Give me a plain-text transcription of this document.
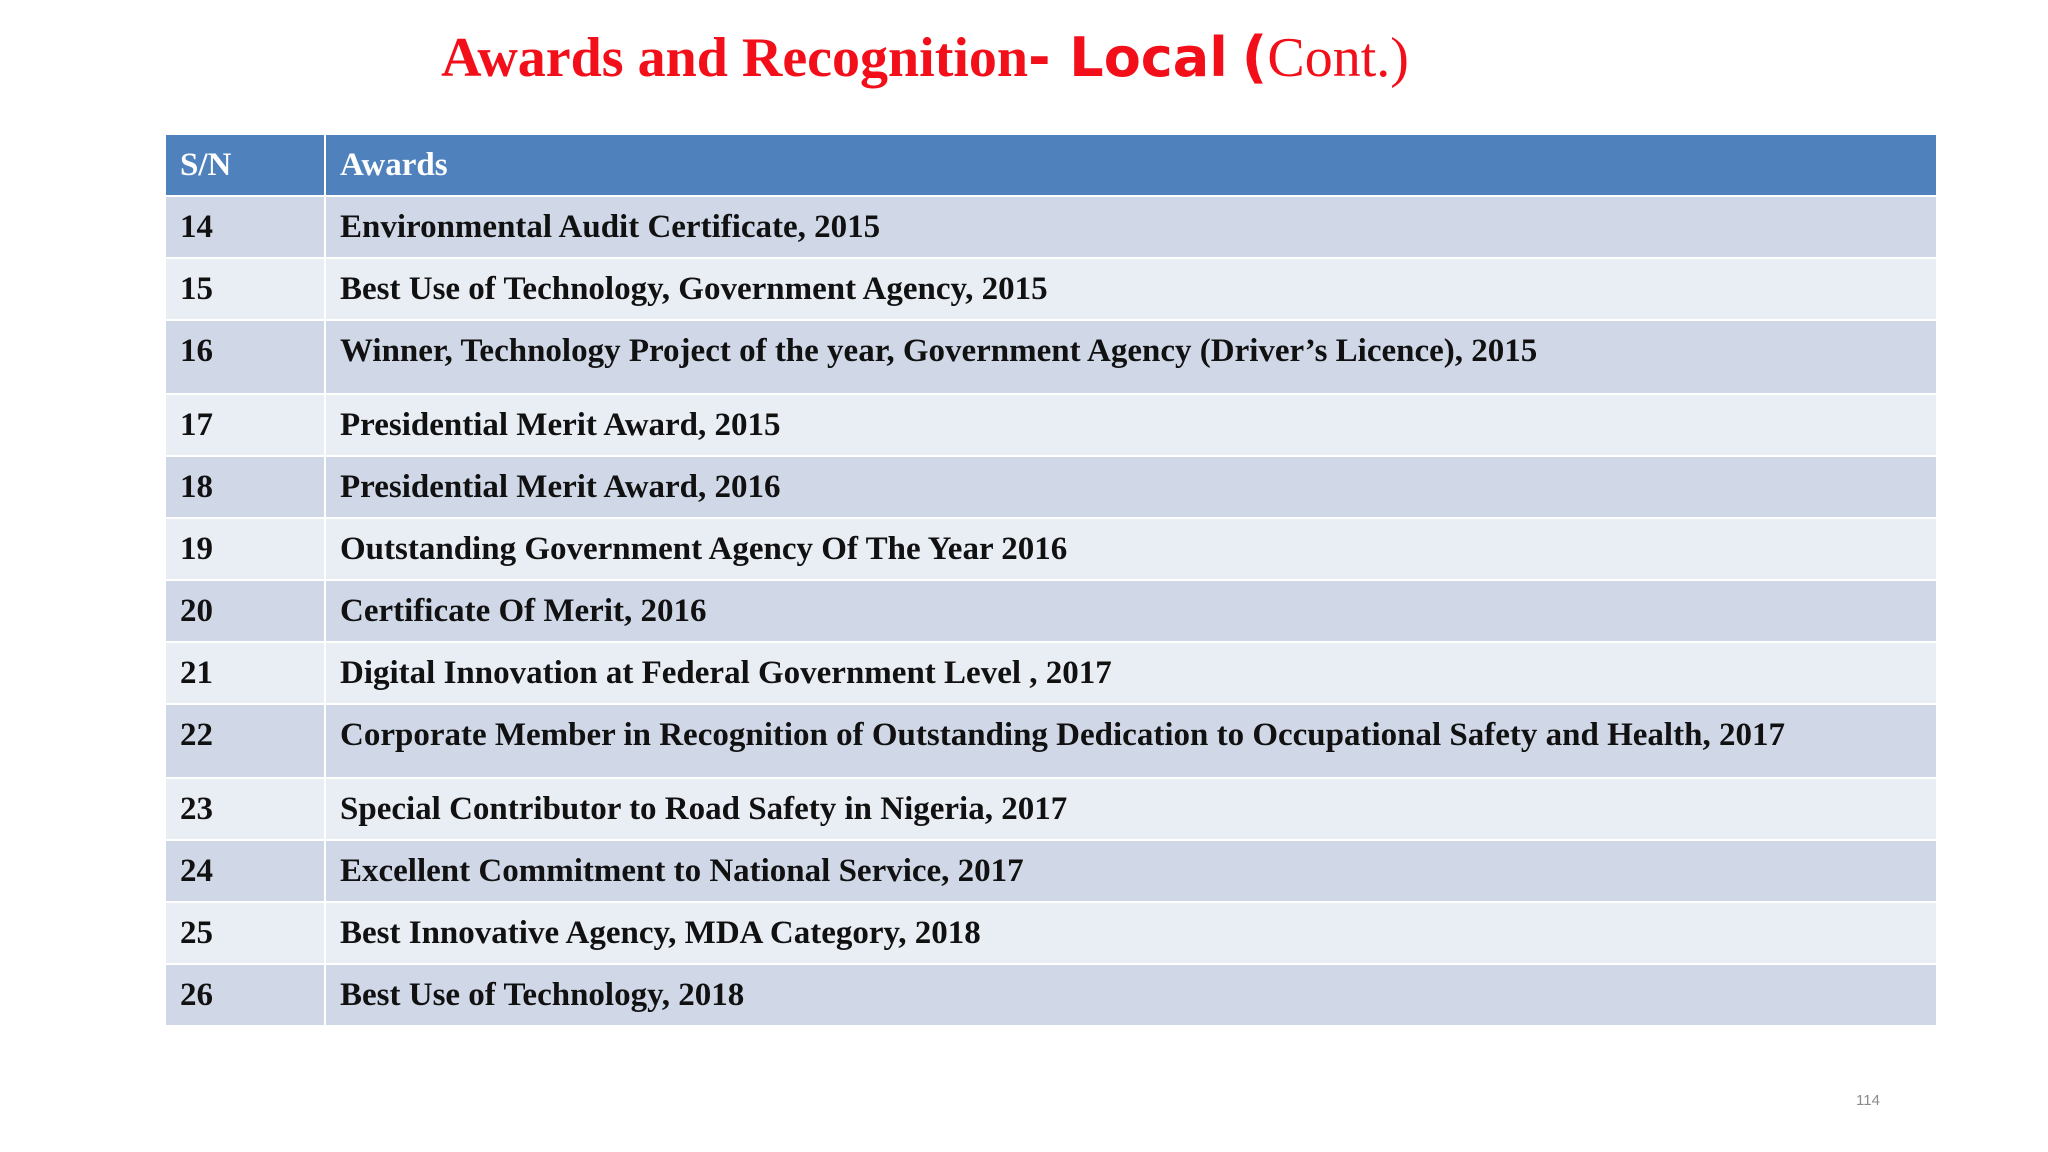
Awards and Recognition- Local (Cont.)
S/N	Awards
14	Environmental Audit Certificate, 2015
15	Best Use of Technology, Government Agency, 2015
16	Winner, Technology Project of the year, Government Agency (Driver’s Licence), 2015
17	Presidential Merit Award, 2015
18	Presidential Merit Award, 2016
19	Outstanding Government Agency Of The Year 2016
20	Certificate Of Merit, 2016
21	Digital Innovation at Federal Government Level , 2017
22	Corporate Member in Recognition of Outstanding Dedication to Occupational Safety and Health, 2017
23	Special Contributor to Road Safety in Nigeria, 2017
24	Excellent Commitment to National Service, 2017
25	Best Innovative Agency, MDA Category, 2018
26	Best Use of Technology, 2018
114
